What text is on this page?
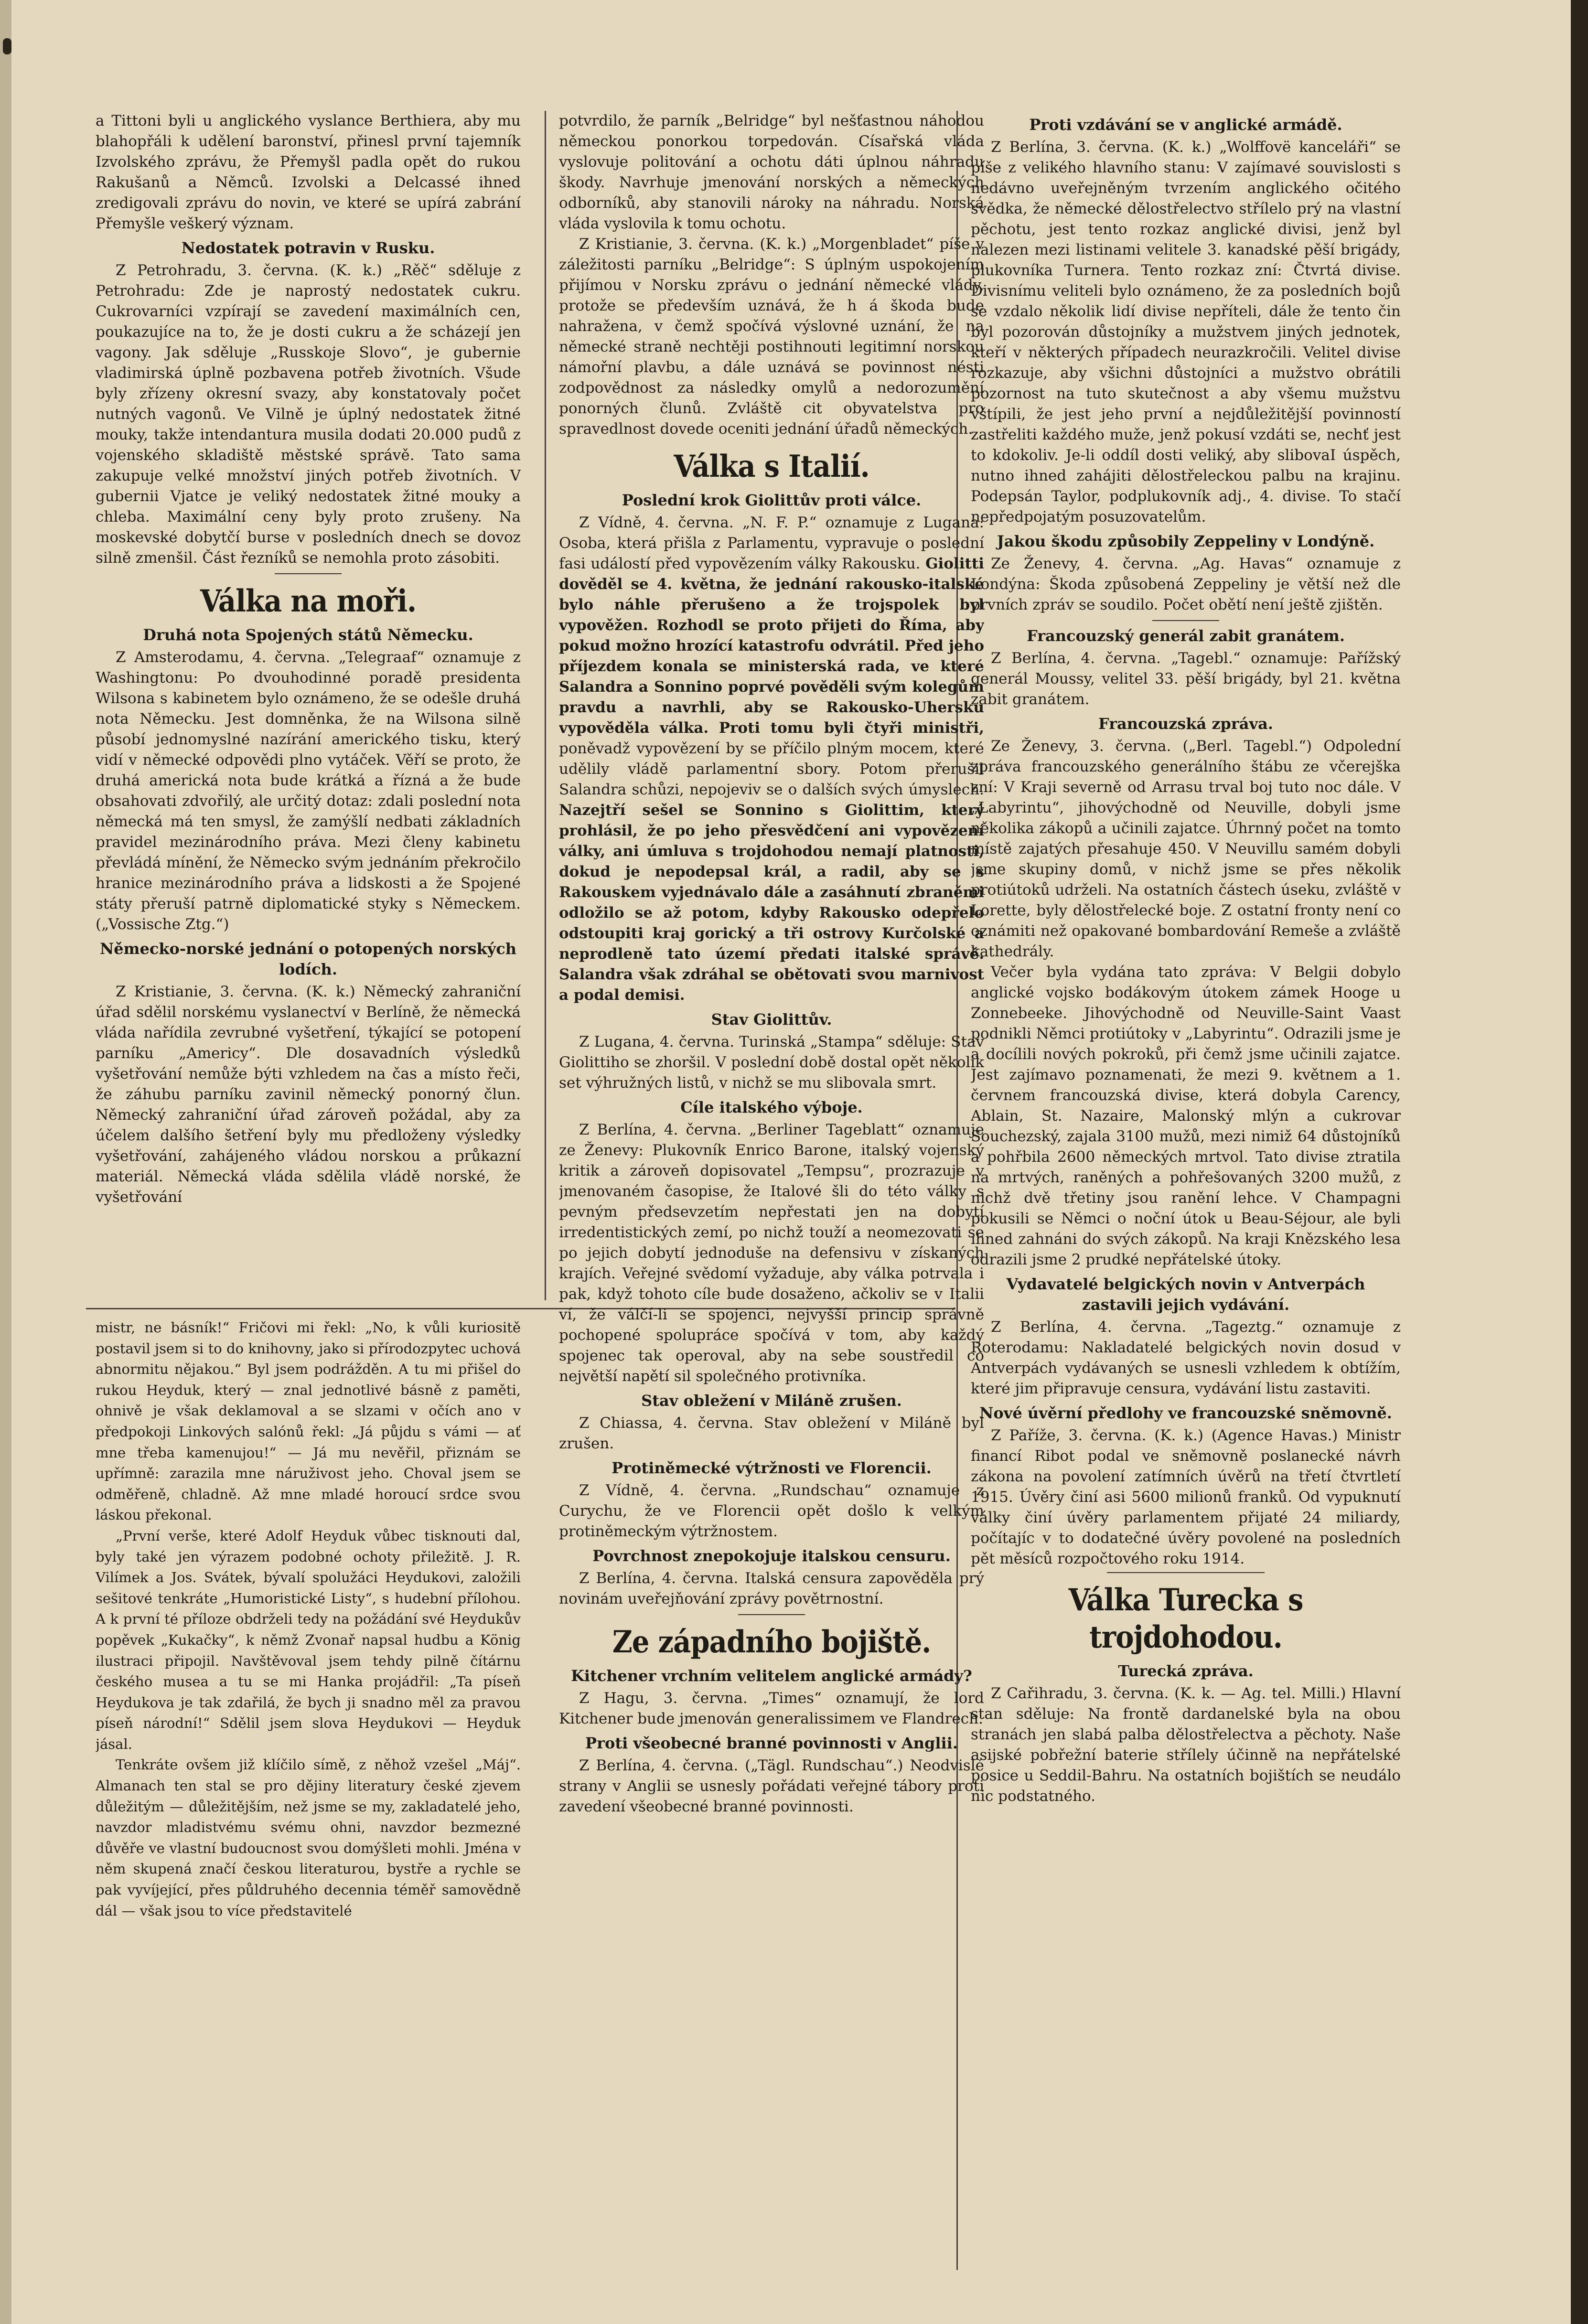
a Tittoni byli u anglického vyslance Berthiera, aby mu blahopřáli k udělení baronství, přinesl první tajemník Izvolského zprávu, že Přemyšl padla opět do rukou Rakušanů a Němců. Izvolski a Delcassé ihned zredigovali zprávu do novin, ve které se upírá zabrání Přemyšle veškerý význam.

Nedostatek potravin v Rusku.

Z Petrohradu, 3. června. (K. k.) „Rěč“ sděluje z Petrohradu: Zde je naprostý nedostatek cukru. Cukrovarníci vzpírají se zavedení maximálních cen, poukazujíce na to, že je dosti cukru a že scházejí jen vagony. Jak sděluje „Russkoje Slovo“, je gubernie vladimirská úplně pozbavena potřeb životních. Všude byly zřízeny okresní svazy, aby konstatovaly počet nutných vagonů. Ve Vilně je úplný nedostatek žitné mouky, takže intendantura musila dodati 20.000 pudů z vojenského skladiště městské správě. Tato sama zakupuje velké množství jiných potřeb životních. V gubernii Vjatce je veliký nedostatek žitné mouky a chleba. Maximální ceny byly proto zrušeny. Na moskevské dobytčí burse v posledních dnech se dovoz silně zmenšil. Část řezníků se nemohla proto zásobiti.

Válka na moři.
Druhá nota Spojených států Německu.

Z Amsterodamu, 4. června. „Telegraaf“ oznamuje z Washingtonu: Po dvouhodinné poradě presidenta Wilsona s kabinetem bylo oznámeno, že se odešle druhá nota Německu. Jest domněnka, že na Wilsona silně působí jednomyslné nazírání amerického tisku, který vidí v německé odpovědi plno vytáček. Věří se proto, že druhá americká nota bude krátká a řízná a že bude obsahovati zdvořilý, ale určitý dotaz: zdali poslední nota německá má ten smysl, že zamýšlí nedbati základních pravidel mezinárodního práva. Mezi členy kabinetu převládá mínění, že Německo svým jednáním překročilo hranice mezinárodního práva a lidskosti a že Spojené státy přeruší patrně diplomatické styky s Německem. („Vossische Ztg.“)

Německo-norské jednání o potopených norských lodích.

Z Kristianie, 3. června. (K. k.) Německý zahraniční úřad sdělil norskému vyslanectví v Berlíně, že německá vláda nařídila zevrubné vyšetření, týkající se potopení parníku „Americy“. Dle dosavadních výsledků vyšetřování nemůže býti vzhledem na čas a místo řeči, že záhubu parníku zavinil německý ponorný člun. Německý zahraniční úřad zároveň požádal, aby za účelem dalšího šetření byly mu předloženy výsledky vyšetřování, zahájeného vládou norskou a průkazní materiál. Německá vláda sdělila vládě norské, že vyšetřování

mistr, ne básník!“ Fričovi mi řekl: „No, k vůli kuriositě postavil jsem si to do knihovny, jako si přírodozpytec uchová abnormitu nějakou.“ Byl jsem podrážděn. A tu mi přišel do rukou Heyduk, který — znal jednotlivé básně z paměti, ohnivě je však deklamoval a se slzami v očích ano v předpokoji Linkových salónů řekl: „Já půjdu s vámi — ať mne třeba kamenujou!“ — Já mu nevěřil, přiznám se upřímně: zarazila mne náruživost jeho. Choval jsem se odměřeně, chladně. Až mne mladé horoucí srdce svou láskou překonal.

„První verše, které Adolf Heyduk vůbec tisknouti dal, byly také jen výrazem podobné ochoty přiležitě. J. R. Vilímek a Jos. Svátek, bývalí spolužáci Heydukovi, založili sešitové tenkráte „Humoristické Listy“, s hudební přílohou. A k první té příloze obdrželi tedy na požádání své Heydukův popěvek „Kukačky“, k němž Zvonař napsal hudbu a König ilustraci připojil. Navštěvoval jsem tehdy pilně čítárnu českého musea a tu se mi Hanka projádřil: „Ta píseň Heydukova je tak zdařilá, že bych ji snadno měl za pravou píseň národní!“ Sdělil jsem slova Heydukovi — Heyduk jásal.

Tenkráte ovšem již klíčilo símě, z něhož vzešel „Máj“. Almanach ten stal se pro dějiny literatury české zjevem důležitým — důležitějším, než jsme se my, zakladatelé jeho, navzdor mladistvému svému ohni, navzdor bezmezné důvěře ve vlastní budoucnost svou domýšleti mohli. Jména v něm skupená značí českou literaturou, bystře a rychle se pak vyvíjející, přes půldruhého decennia téměř samovědně dál — však jsou to více představitelé

potvrdilo, že parník „Belridge“ byl nešťastnou náhodou německou ponorkou torpedován. Císařská vláda vyslovuje politování a ochotu dáti úplnou náhradu škody. Navrhuje jmenování norských a německých odborníků, aby stanovili nároky na náhradu. Norská vláda vyslovila k tomu ochotu.

Z Kristianie, 3. června. (K. k.) „Morgenbladet“ píše v záležitosti parníku „Belridge“: S úplným uspokojením přijímou v Norsku zprávu o jednání německé vlády, protože se především uznává, že h á škoda bude nahražena, v čemž spočívá výslovné uznání, že na německé straně nechtěji postihnouti legitimní norskou námořní plavbu, a dále uznává se povinnost nésti zodpovědnost za následky omylů a nedorozumění ponorných člunů. Zvláště cit obyvatelstva pro spravedlnost dovede oceniti jednání úřadů německých.

Válka s Italií.
Poslední krok Giolittův proti válce.

Z Vídně, 4. června. „N. F. P.“ oznamuje z Lugana: Osoba, která přišla z Parlamentu, vypravuje o poslední fasi událostí před vypovězením války Rakousku. Giolitti dověděl se 4. května, že jednání rakousko-italské bylo náhle přerušeno a že trojspolek byl vypověžen. Rozhodl se proto přijeti do Říma, aby pokud možno hrozící katastrofu odvrátil. Před jeho příjezdem konala se ministerská rada, ve které Salandra a Sonnino poprvé pověděli svým kolegům pravdu a navrhli, aby se Rakousko-Uhersku vypověděla válka. Proti tomu byli čtyři ministři, poněvadž vypovězení by se příčilo plným mocem, které udělily vládě parlamentní sbory. Potom přerušil Salandra schůzi, nepojeviv se o dalších svých úmyslech. Nazejtří sešel se Sonnino s Giolittim, který prohlásil, že po jeho přesvědčení ani vypovězení války, ani úmluva s trojdohodou nemají platnosti, dokud je nepodepsal král, a radil, aby se s Rakouskem vyjednávalo dále a zasáhnutí zbraněmi odložilo se až potom, kdyby Rakousko odepřelo odstoupiti kraj gorický a tři ostrovy Kurčolské a neprodleně tato území předati italské správě. Salandra však zdráhal se obětovati svou marnivost a podal demisi.

Stav Giolittův.

Z Lugana, 4. června. Turinská „Stampa“ sděluje: Stav Giolittiho se zhoršil. V poslední době dostal opět několik set výhružných listů, v nichž se mu slibovala smrt.

Cíle italského výboje.

Z Berlína, 4. června. „Berliner Tageblatt“ oznamuje ze Ženevy: Plukovník Enrico Barone, italský vojenský kritik a zároveň dopisovatel „Tempsu“, prozrazuje v jmenovaném časopise, že Italové šli do této války s pevným předsevzetím nepřestati jen na dobytí irredentistických zemí, po nichž touží a neomezovati se po jejich dobytí jednoduše na defensivu v získaných krajích. Veřejné svědomí vyžaduje, aby válka potrvala i pak, když tohoto cíle bude dosaženo, ačkoliv se v Italii ví, že válčí-li se spojenci, nejvyšší princip správně pochopené spolupráce spočívá v tom, aby každý spojenec tak operoval, aby na sebe soustředil co největší napětí sil společného protivníka.

Stav obležení v Miláně zrušen.

Z Chiassa, 4. června. Stav obležení v Miláně byl zrušen.

Protiněmecké výtržnosti ve Florencii.

Z Vídně, 4. června. „Rundschau“ oznamuje z Curychu, že ve Florencii opět došlo k velkým protiněmeckým výtržnostem.

Povrchnost znepokojuje italskou censuru.

Z Berlína, 4. června. Italská censura zapověděla prý novinám uveřejňování zprávy povětrnostní.

Ze západního bojiště.
Kitchener vrchním velitelem anglické armády?

Z Hagu, 3. června. „Times“ oznamují, že lord Kitchener bude jmenován generalissimem ve Flandrech.

Proti všeobecné branné povinnosti v Anglii.

Z Berlína, 4. června. („Tägl. Rundschau“.) Neodvislé strany v Anglii se usnesly pořádati veřejné tábory proti zavedení všeobecné branné povinnosti.

Proti vzdávání se v anglické armádě.

Z Berlína, 3. června. (K. k.) „Wolffovë kanceláři“ se píše z velikého hlavního stanu: V zajímavé souvislosti s nedávno uveřejněným tvrzením anglického očitého svědka, že německé dělostřelectvo střílelo prý na vlastní pěchotu, jest tento rozkaz anglické divisi, jenž byl nalezen mezi listinami velitele 3. kanadské pěší brigády, plukovníka Turnera. Tento rozkaz zní: Čtvrtá divise. Divisnímu veliteli bylo oznámeno, že za posledních bojů se vzdalo několik lidí divise nepříteli, dále že tento čin byl pozorován důstojníky a mužstvem jiných jednotek, kteří v některých případech neurazkročili. Velitel divise rozkazuje, aby všichni důstojníci a mužstvo obrátili pozornost na tuto skutečnost a aby všemu mužstvu vštípili, že jest jeho první a nejdůležitější povinností zastřeliti každého muže, jenž pokusí vzdáti se, nechť jest to kdokoliv. Je-li oddíl dosti veliký, aby slibovaI úspěch, nutno ihned zahájiti dělostřeleckou palbu na krajinu. Podepsán Taylor, podplukovník adj., 4. divise. To stačí nepředpojatým posuzovatelům.

Jakou škodu způsobily Zeppeliny v Londýně.

Ze Ženevy, 4. června. „Ag. Havas“ oznamuje z Londýna: Škoda způsobená Zeppeliny je větší než dle prvních zpráv se soudilo. Počet obětí není ještě zjištěn.

Francouzský generál zabit granátem.

Z Berlína, 4. června. „Tagebl.“ oznamuje: Pařížský generál Moussy, velitel 33. pěší brigády, byl 21. května zabit granátem.

Francouzská zpráva.

Ze Ženevy, 3. června. („Berl. Tagebl.“) Odpolední zpráva francouzského generálního štábu ze včerejška zní: V Kraji severně od Arrasu trval boj tuto noc dále. V „Labyrintu“, jihovýchodně od Neuville, dobyli jsme několika zákopů a učinili zajatce. Úhrnný počet na tomto místě zajatých přesahuje 450. V Neuvillu samém dobyli jsme skupiny domů, v nichž jsme se přes několik protiútoků udrželi. Na ostatních částech úseku, zvláště v Lorette, byly dělostřelecké boje. Z ostatní fronty není co oznámiti než opakované bombardování Remeše a zvláště kathedrály.

Večer byla vydána tato zpráva: V Belgii dobylo anglické vojsko bodákovým útokem zámek Hooge u Zonnebeeke. Jihovýchodně od Neuville-Saint Vaast podnikli Němci protiútoky v „Labyrintu“. Odrazili jsme je a docílili nových pokroků, při čemž jsme učinili zajatce. Jest zajímavo poznamenati, že mezi 9. květnem a 1. červnem francouzská divise, která dobyla Carency, Ablain, St. Nazaire, Malonský mlýn a cukrovar Souchezský, zajala 3100 mužů, mezi nimiž 64 důstojníků a pohřbila 2600 německých mrtvol. Tato divise ztratila na mrtvých, raněných a pohřešovaných 3200 mužů, z nichž dvě třetiny jsou ranění lehce. V Champagni pokusili se Němci o noční útok u Beau-Séjour, ale byli ihned zahnáni do svých zákopů. Na kraji Knězského lesa odrazili jsme 2 prudké nepřátelské útoky.

Vydavatelé belgických novin v Antverpách zastavili jejich vydávání.

Z Berlína, 4. června. „Tageztg.“ oznamuje z Roterodamu: Nakladatelé belgických novin dosud v Antverpách vydávaných se usnesli vzhledem k obtížím, které jim připravuje censura, vydávání listu zastaviti.

Nové úvěrní předlohy ve francouzské sněmovně.

Z Paříže, 3. června. (K. k.) (Agence Havas.) Ministr financí Ribot podal ve sněmovně poslanecké návrh zákona na povolení zatímních úvěrů na třetí čtvrtletí 1915. Úvěry činí asi 5600 milionů franků. Od vypuknutí války činí úvěry parlamentem přijaté 24 miliardy, počítajíc v to dodatečné úvěry povolené na posledních pět měsíců rozpočtového roku 1914.

Válka Turecka s trojdohodou.
Turecká zpráva.

Z Cařihradu, 3. června. (K. k. — Ag. tel. Milli.) Hlavní stan sděluje: Na frontě dardanelské byla na obou stranách jen slabá palba dělostřelectva a pěchoty. Naše asijské pobřežní baterie střílely účinně na nepřátelské posice u Seddil-Bahru. Na ostatních bojištích se neudálo nic podstatného.
